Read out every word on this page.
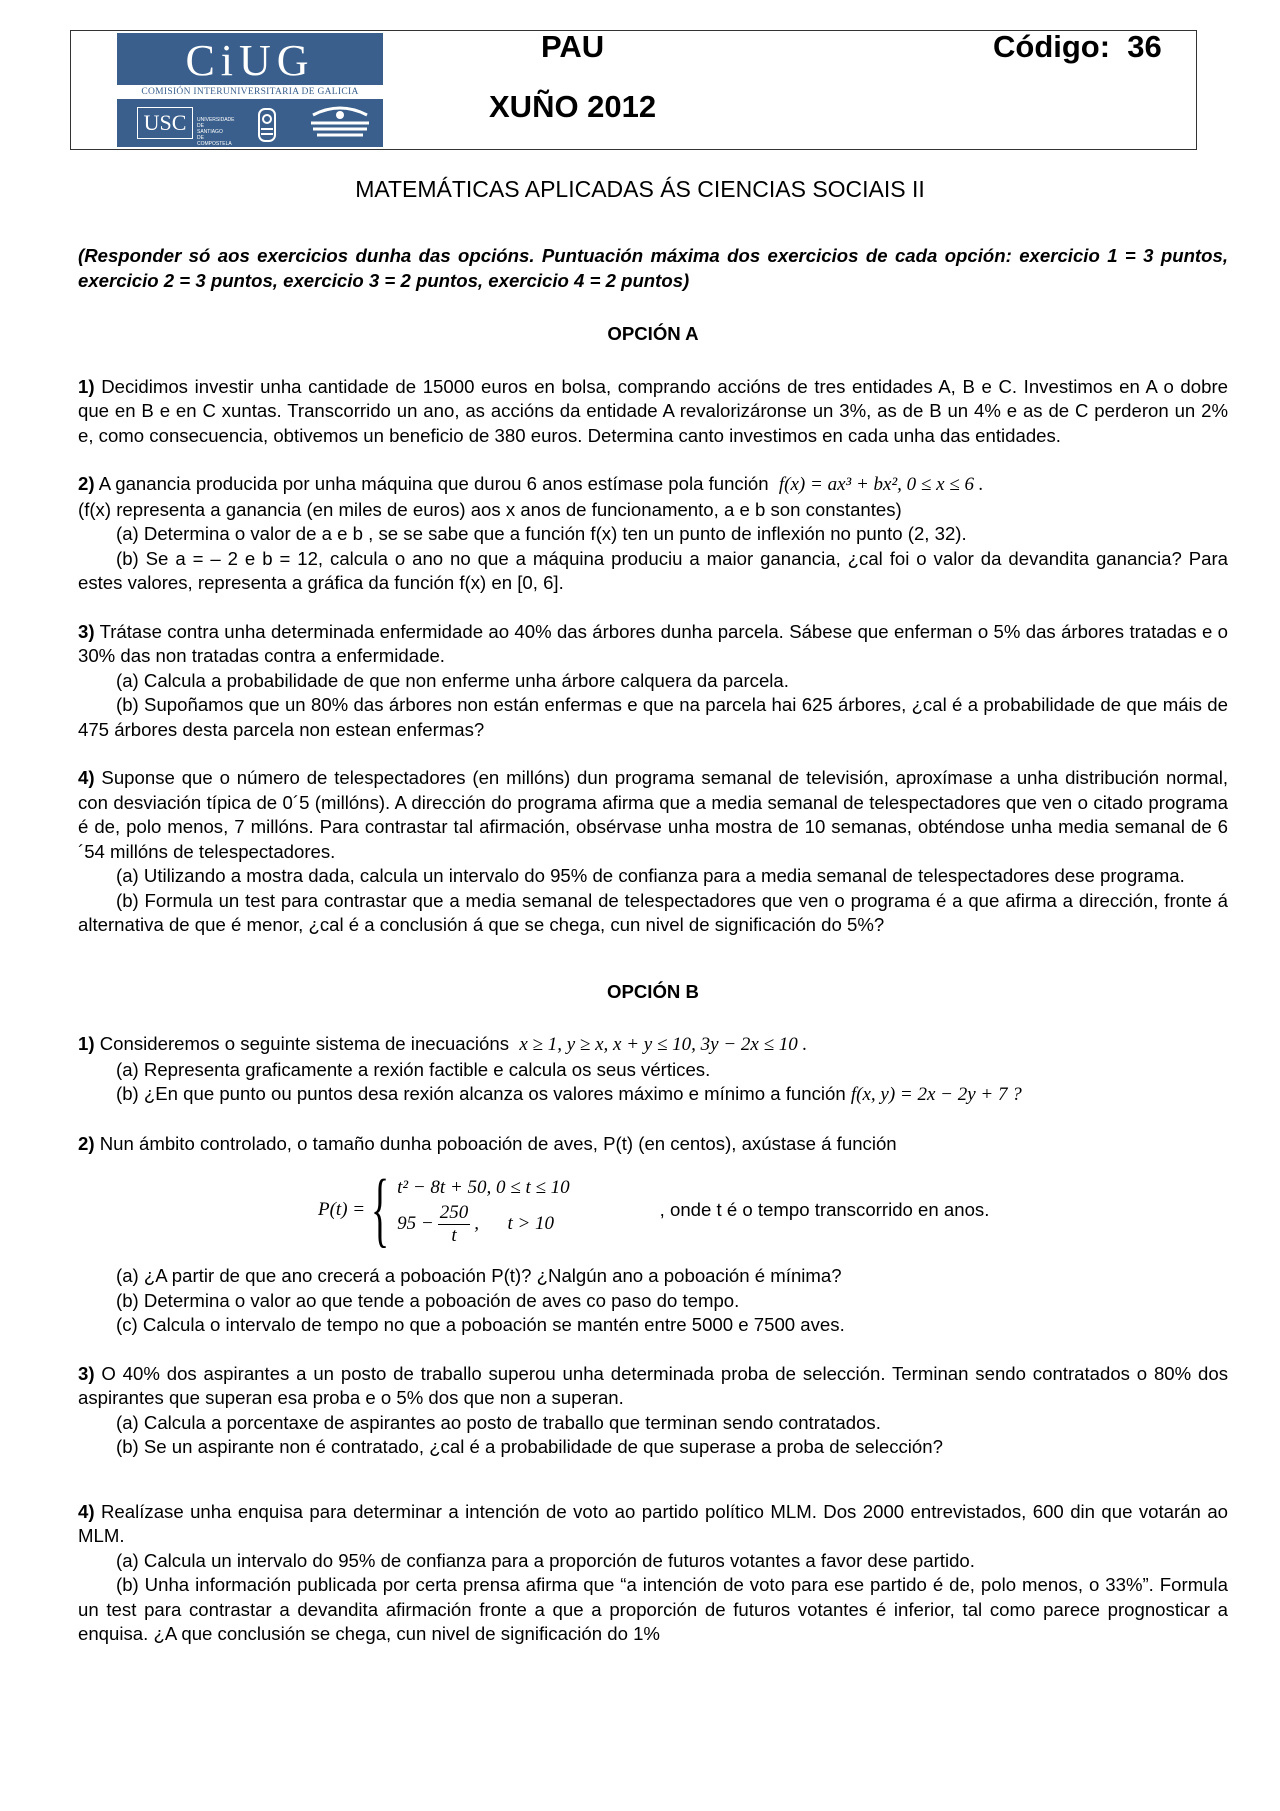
CiUG
COMISIÓN INTERUNIVERSITARIA DE GALICIA
USC	UNIVERSIDADE DE SANTIAGO DE COMPOSTELA
PAU
XUÑO 2012
Código:  36
MATEMÁTICAS APLICADAS ÁS CIENCIAS SOCIAIS II

(Responder só aos exercicios dunha das opcións. Puntuación máxima dos exercicios de cada opción: exercicio 1 = 3 puntos, exercicio 2 = 3 puntos, exercicio 3 = 2 puntos, exercicio 4 = 2 puntos)

OPCIÓN A

1) Decidimos investir unha cantidade de 15000 euros en bolsa, comprando accións de tres entidades A, B e C. Investimos en A o dobre que en B e en C xuntas. Transcorrido un ano, as accións da entidade A revalorizáronse un 3%, as de B un 4% e as de C perderon un 2% e, como consecuencia, obtivemos un beneficio de 380 euros. Determina canto investimos en cada unha das entidades.

2) A ganancia producida por unha máquina que durou 6 anos estímase pola función f(x) = ax³ + bx², 0 ≤ x ≤ 6 .

(f(x) representa a ganancia (en miles de euros) aos x anos de funcionamento, a e b son constantes)

(a) Determina o valor de a e b , se se sabe que a función f(x) ten un punto de inflexión no punto (2, 32).

(b) Se a = – 2 e b = 12, calcula o ano no que a máquina produciu a maior ganancia, ¿cal foi o valor da devandita ganancia? Para estes valores, representa a gráfica da función f(x) en [0, 6].

3) Trátase contra unha determinada enfermidade ao 40% das árbores dunha parcela. Sábese que enferman o 5% das árbores tratadas e o 30% das non tratadas contra a enfermidade.

(a) Calcula a probabilidade de que non enferme unha árbore calquera da parcela.

(b) Supoñamos que un 80% das árbores non están enfermas e que na parcela hai 625 árbores, ¿cal é a probabilidade de que máis de 475 árbores desta parcela non estean enfermas?

4) Suponse que o número de telespectadores (en millóns) dun programa semanal de televisión, aproxímase a unha distribución normal, con desviación típica de 0´5 (millóns). A dirección do programa afirma que a media semanal de telespectadores que ven o citado programa é de, polo menos, 7 millóns. Para contrastar tal afirmación, obsérvase unha mostra de 10 semanas, obténdose unha media semanal de 6´54 millóns de telespectadores.

(a) Utilizando a mostra dada, calcula un intervalo do 95% de confianza para a media semanal de telespectadores dese programa.

(b) Formula un test para contrastar que a media semanal de telespectadores que ven o programa é a que afirma a dirección, fronte á alternativa de que é menor, ¿cal é a conclusión á que se chega, cun nivel de significación do 5%?

OPCIÓN B

1) Consideremos o seguinte sistema de inecuacións x ≥ 1, y ≥ x, x + y ≤ 10, 3y − 2x ≤ 10 .

(a) Representa graficamente a rexión factible e calcula os seus vértices.

(b) ¿En que punto ou puntos desa rexión alcanza os valores máximo e mínimo a función f(x, y) = 2x − 2y + 7 ?

2) Nun ámbito controlado, o tamaño dunha poboación de aves, P(t) (en centos), axústase á función

P(t) = { t² − 8t + 50, 0 ≤ t ≤ 10
$95 - \frac{250}{t}$ ,      t > 10
, onde t é o tempo transcorrido en anos.

(a) ¿A partir de que ano crecerá a poboación P(t)? ¿Nalgún ano a poboación é mínima?

(b) Determina o valor ao que tende a poboación de aves co paso do tempo.

(c) Calcula o intervalo de tempo no que a poboación se mantén entre 5000 e 7500 aves.

3) O 40% dos aspirantes a un posto de traballo superou unha determinada proba de selección. Terminan sendo contratados o 80% dos aspirantes que superan esa proba e o 5% dos que non a superan.

(a) Calcula a porcentaxe de aspirantes ao posto de traballo que terminan sendo contratados.

(b) Se un aspirante non é contratado, ¿cal é a probabilidade de que superase a proba de selección?

4) Realízase unha enquisa para determinar a intención de voto ao partido político MLM. Dos 2000 entrevistados, 600 din que votarán ao MLM.

(a) Calcula un intervalo do 95% de confianza para a proporción de futuros votantes a favor dese partido.

(b) Unha información publicada por certa prensa afirma que “a intención de voto para ese partido é de, polo menos, o 33%”. Formula un test para contrastar a devandita afirmación fronte a que a proporción de futuros votantes é inferior, tal como parece prognosticar a enquisa. ¿A que conclusión se chega, cun nivel de significación do 1%
